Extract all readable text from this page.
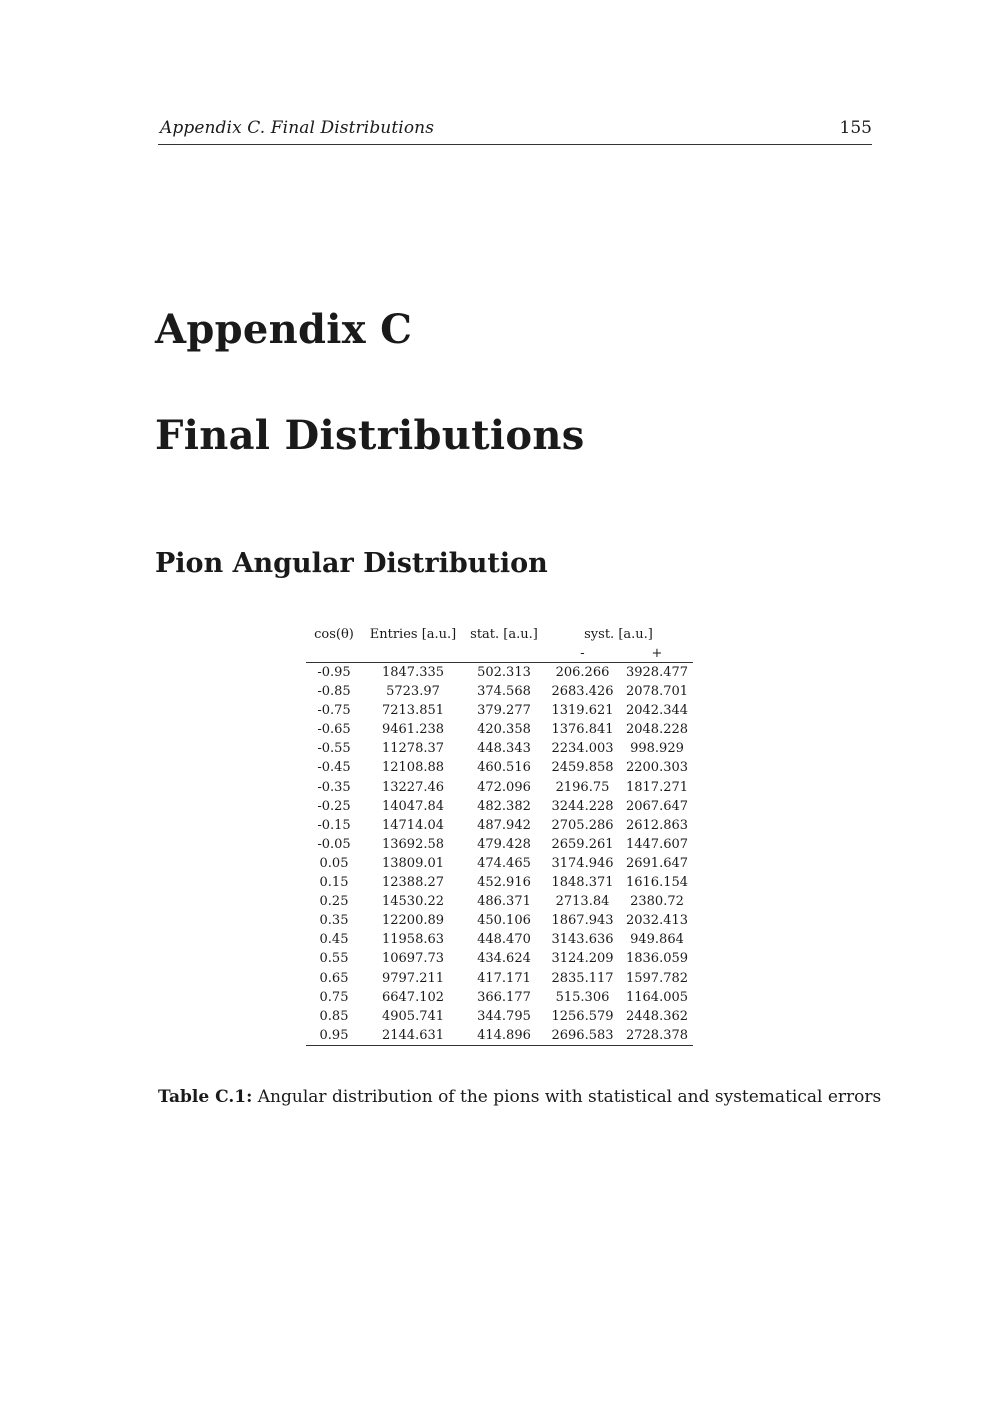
Appendix C. Final Distributions	155
Appendix C
Final Distributions
Pion Angular Distribution
cos(θ)	Entries [a.u.]	stat. [a.u.]	syst. [a.u.]	
			-	+
-0.95	1847.335	502.313	206.266	3928.477
-0.85	5723.97	374.568	2683.426	2078.701
-0.75	7213.851	379.277	1319.621	2042.344
-0.65	9461.238	420.358	1376.841	2048.228
-0.55	11278.37	448.343	2234.003	998.929
-0.45	12108.88	460.516	2459.858	2200.303
-0.35	13227.46	472.096	2196.75	1817.271
-0.25	14047.84	482.382	3244.228	2067.647
-0.15	14714.04	487.942	2705.286	2612.863
-0.05	13692.58	479.428	2659.261	1447.607
0.05	13809.01	474.465	3174.946	2691.647
0.15	12388.27	452.916	1848.371	1616.154
0.25	14530.22	486.371	2713.84	2380.72
0.35	12200.89	450.106	1867.943	2032.413
0.45	11958.63	448.470	3143.636	949.864
0.55	10697.73	434.624	3124.209	1836.059
0.65	9797.211	417.171	2835.117	1597.782
0.75	6647.102	366.177	515.306	1164.005
0.85	4905.741	344.795	1256.579	2448.362
0.95	2144.631	414.896	2696.583	2728.378
Table C.1: Angular distribution of the pions with statistical and systematical errors
